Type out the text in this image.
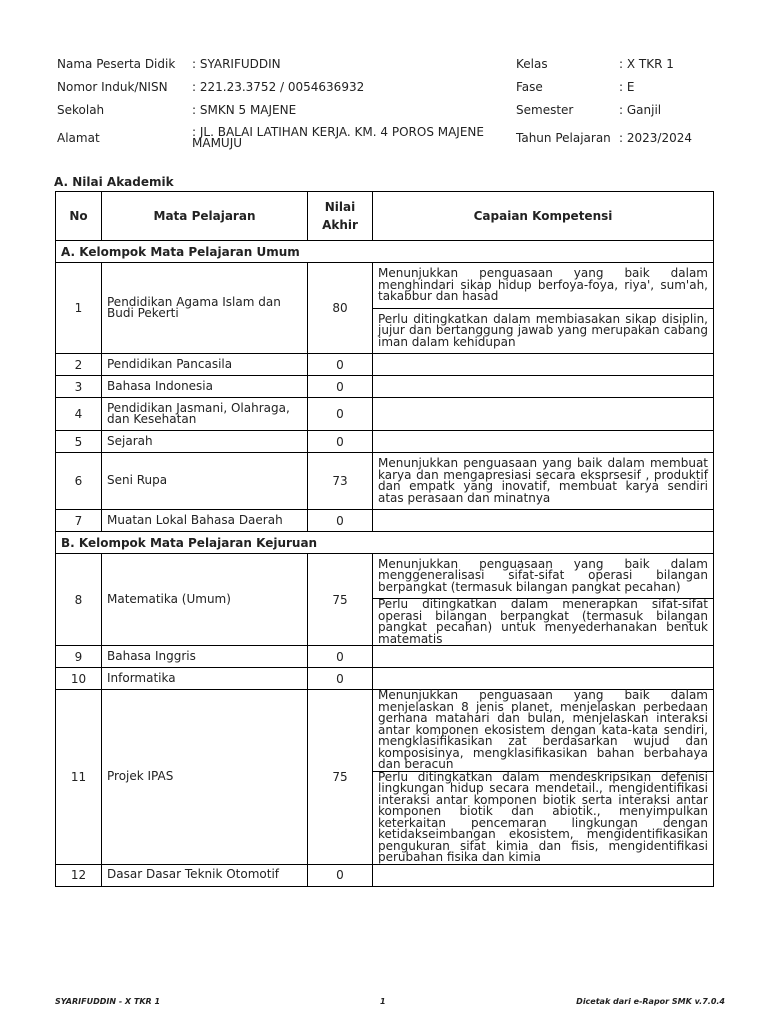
Nama Peserta Didik : SYARIFUDDIN
Nomor Induk/NISN : 221.23.3752 / 0054636932
Sekolah	: SMKN 5 MAJENE
Alamat	: JL. BALAI LATIHAN KERJA. KM. 4 POROS MAJENE MAMUJU
Kelas	: X TKR 1
Fase	: E
Semester	: Ganjil
Tahun Pelajaran : 2023/2024
A. Nilai Akademik
No	Mata Pelajaran	Nilai Akhir	Capaian Kompetensi
A. Kelompok Mata Pelajaran Umum			
1	Pendidikan Agama Islam dan Budi Pekerti	80	Menunjukkan penguasaan yang baik dalam menghindari sikap hidup berfoya-foya, riya', sum'ah, takabbur dan hasad
			Perlu ditingkatkan dalam membiasakan sikap disiplin, jujur dan bertanggung jawab yang merupakan cabang iman dalam kehidupan
2	Pendidikan Pancasila	0	
3	Bahasa Indonesia	0	
4	Pendidikan Jasmani, Olahraga, dan Kesehatan	0	
5	Sejarah	0	
6	Seni Rupa	73	Menunjukkan penguasaan yang baik dalam membuat karya dan mengapresiasi secara eksprsesif , produktif dan empatk yang inovatif, membuat karya sendiri atas perasaan dan minatnya
7	Muatan Lokal Bahasa Daerah	0	
B. Kelompok Mata Pelajaran Kejuruan			
8	Matematika (Umum)	75	Menunjukkan penguasaan yang baik dalam menggeneralisasi sifat-sifat operasi bilangan berpangkat (termasuk bilangan pangkat pecahan)
			Perlu ditingkatkan dalam menerapkan sifat-sifat operasi bilangan berpangkat (termasuk bilangan pangkat pecahan) untuk menyederhanakan bentuk matematis
9	Bahasa Inggris	0	
10	Informatika	0	
11	Projek IPAS	75	Menunjukkan penguasaan yang baik dalam menjelaskan 8 jenis planet, menjelaskan perbedaan gerhana matahari dan bulan, menjelaskan interaksi antar komponen ekosistem dengan kata-kata sendiri, mengklasifikasikan zat berdasarkan wujud dan komposisinya, mengklasifikasikan bahan berbahaya dan beracun
			Perlu ditingkatkan dalam mendeskripsikan defenisi lingkungan hidup secara mendetail., mengidentifikasi interaksi antar komponen biotik serta interaksi antar komponen biotik dan abiotik., menyimpulkan keterkaitan pencemaran lingkungan dengan ketidakseimbangan ekosistem, mengidentifikasikan pengukuran sifat kimia dan fisis, mengidentifikasi perubahan fisika dan kimia
12	Dasar Dasar Teknik Otomotif	0	
SYARIFUDDIN - X TKR 1	1	Dicetak dari e-Rapor SMK v.7.0.4
